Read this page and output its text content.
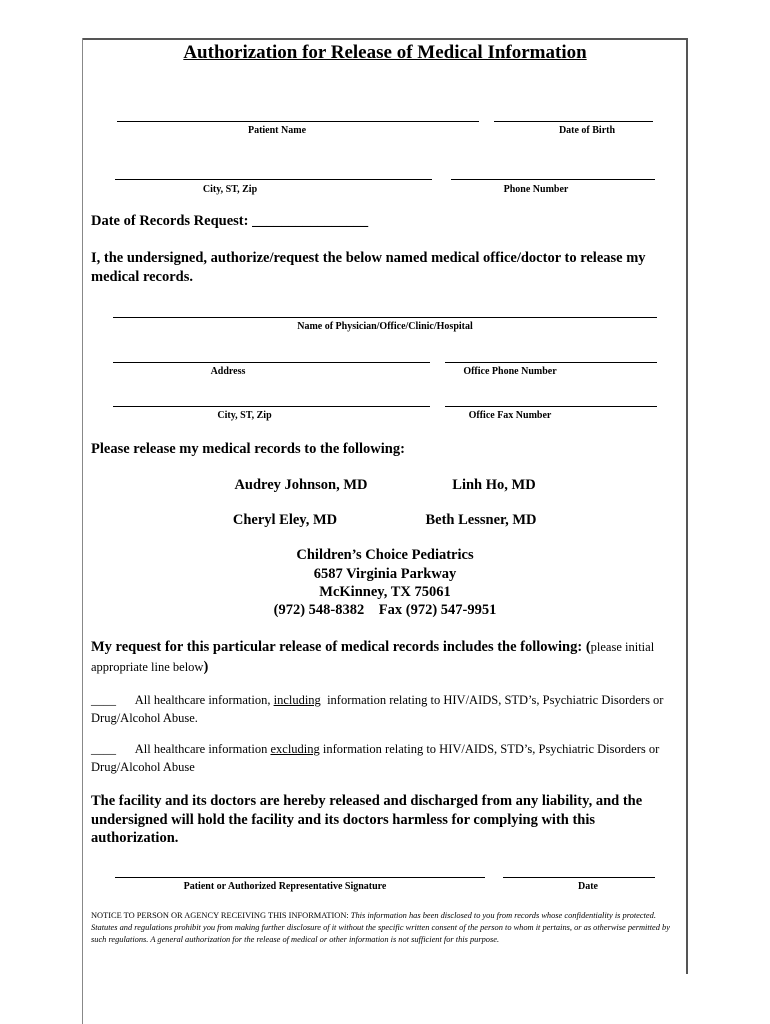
Authorization for Release of Medical Information
Patient Name	Date of Birth
City, ST, Zip	Phone Number
Date of Records Request: ________________
I, the undersigned, authorize/request the below named medical office/doctor to release my medical records.
Name of Physician/Office/Clinic/Hospital
Address	Office Phone Number
City, ST, Zip	Office Fax Number
Please release my medical records to the following:
Audrey Johnson, MD	Linh Ho, MD
Cheryl Eley, MD	Beth Lessner, MD
Children’s Choice Pediatrics
6587 Virginia Parkway
McKinney, TX 75061
(972) 548-8382 Fax (972) 547-9951
My request for this particular release of medical records includes the following: (please initial appropriate line below)
____ All healthcare information, including information relating to HIV/AIDS, STD’s, Psychiatric Disorders or Drug/Alcohol Abuse.
____ All healthcare information excluding information relating to HIV/AIDS, STD’s, Psychiatric Disorders or Drug/Alcohol Abuse
The facility and its doctors are hereby released and discharged from any liability, and the undersigned will hold the facility and its doctors harmless for complying with this authorization.
Patient or Authorized Representative Signature	Date
NOTICE TO PERSON OR AGENCY RECEIVING THIS INFORMATION: This information has been disclosed to you from records whose confidentiality is protected. Statutes and regulations prohibit you from making further disclosure of it without the specific written consent of the person to whom it pertains, or as otherwise permitted by such regulations. A general authorization for the release of medical or other information is not sufficient for this purpose.
